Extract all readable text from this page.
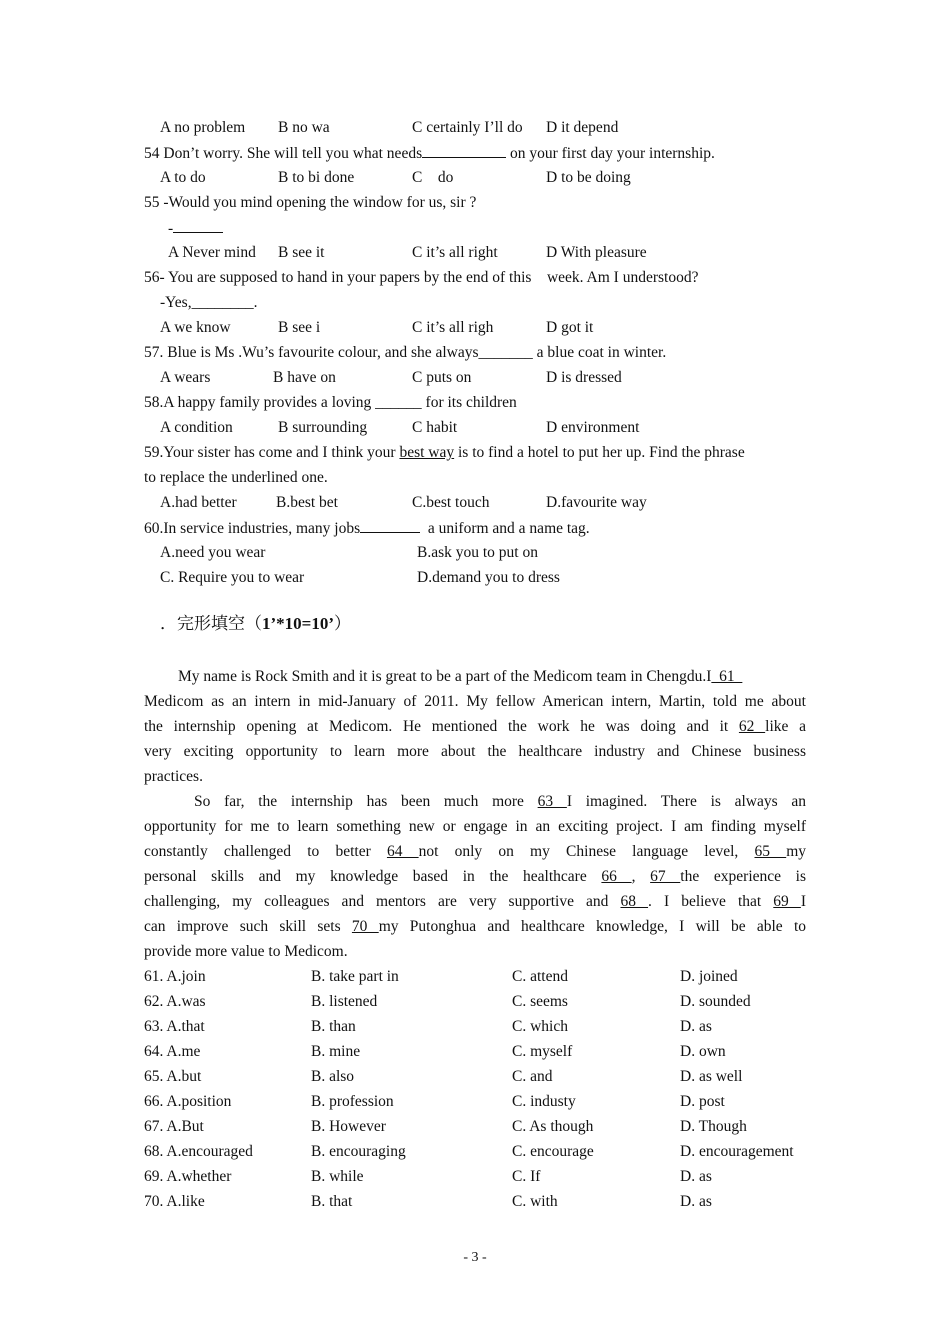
A no problem B no wa	C certainly I’ll do D it depend
54 Don’t worry. She will tell you what needs	on your first day your internship.
A to do	B to bi done	C    do	D to be doing
55 -Would you mind opening the window for us, sir ?
-
A Never mind B see it	C it’s all right	D With pleasure
56- You are supposed to hand in your papers by the end of this    week. Am I understood?
-Yes,________.
A we know	B see i	C it’s all righ	D got it
57. Blue is Ms .Wu’s favourite colour, and she always_______ a blue coat in winter.
A wears	B have on	C puts on	D is dressed
58.A happy family provides a loving ______ for its children
A condition	B surrounding	C habit	D environment
59.Your sister has come and I think your best way is to find a hotel to put her up. Find the phrase
to replace the underlined one.
A.had better	B.best bet	C.best touch	D.favourite way
60.In service industries, many jobs	a uniform and a name tag.
A.need you wear	B.ask you to put on
C. Require you to wear	D.demand you to dress
．完形填空（1’*10=10’）
My name is Rock Smith and it is great to be a part of the Medicom team in Chengdu.I  61
Medicom as an intern in mid-January of 2011. My fellow American intern, Martin, told me about
the internship opening at Medicom. He mentioned the work he was doing and it 62 like a
very exciting opportunity to learn more about the healthcare industry and Chinese business
practices.
So far, the internship has been much more 63 I imagined. There is always an
opportunity for me to learn something new or engage in an exciting project. I am finding myself
constantly challenged to better 64 not only on my Chinese language level, 65 my
personal skills and my knowledge based in the healthcare 66 , 67 the experience is
challenging, my colleagues and mentors are very supportive and 68 . I believe that 69 I
can improve such skill sets 70 my Putonghua and healthcare knowledge, I will be able to
provide more value to Medicom.
61. A.join	B. take part in	C. attend	D. joined
62. A.was	B. listened	C. seems	D. sounded
63. A.that	B. than	C. which	D. as
64. A.me	B. mine	C. myself	D. own
65. A.but	B. also	C. and	D. as well
66. A.position	B. profession	C. industy	D. post
67. A.But	B. However	C. As though	D. Though
68. A.encouraged	B. encouraging	C. encourage	D. encouragement
69. A.whether	B. while	C. If	D. as
70. A.like	B. that	C. with	D. as
- 3 -
